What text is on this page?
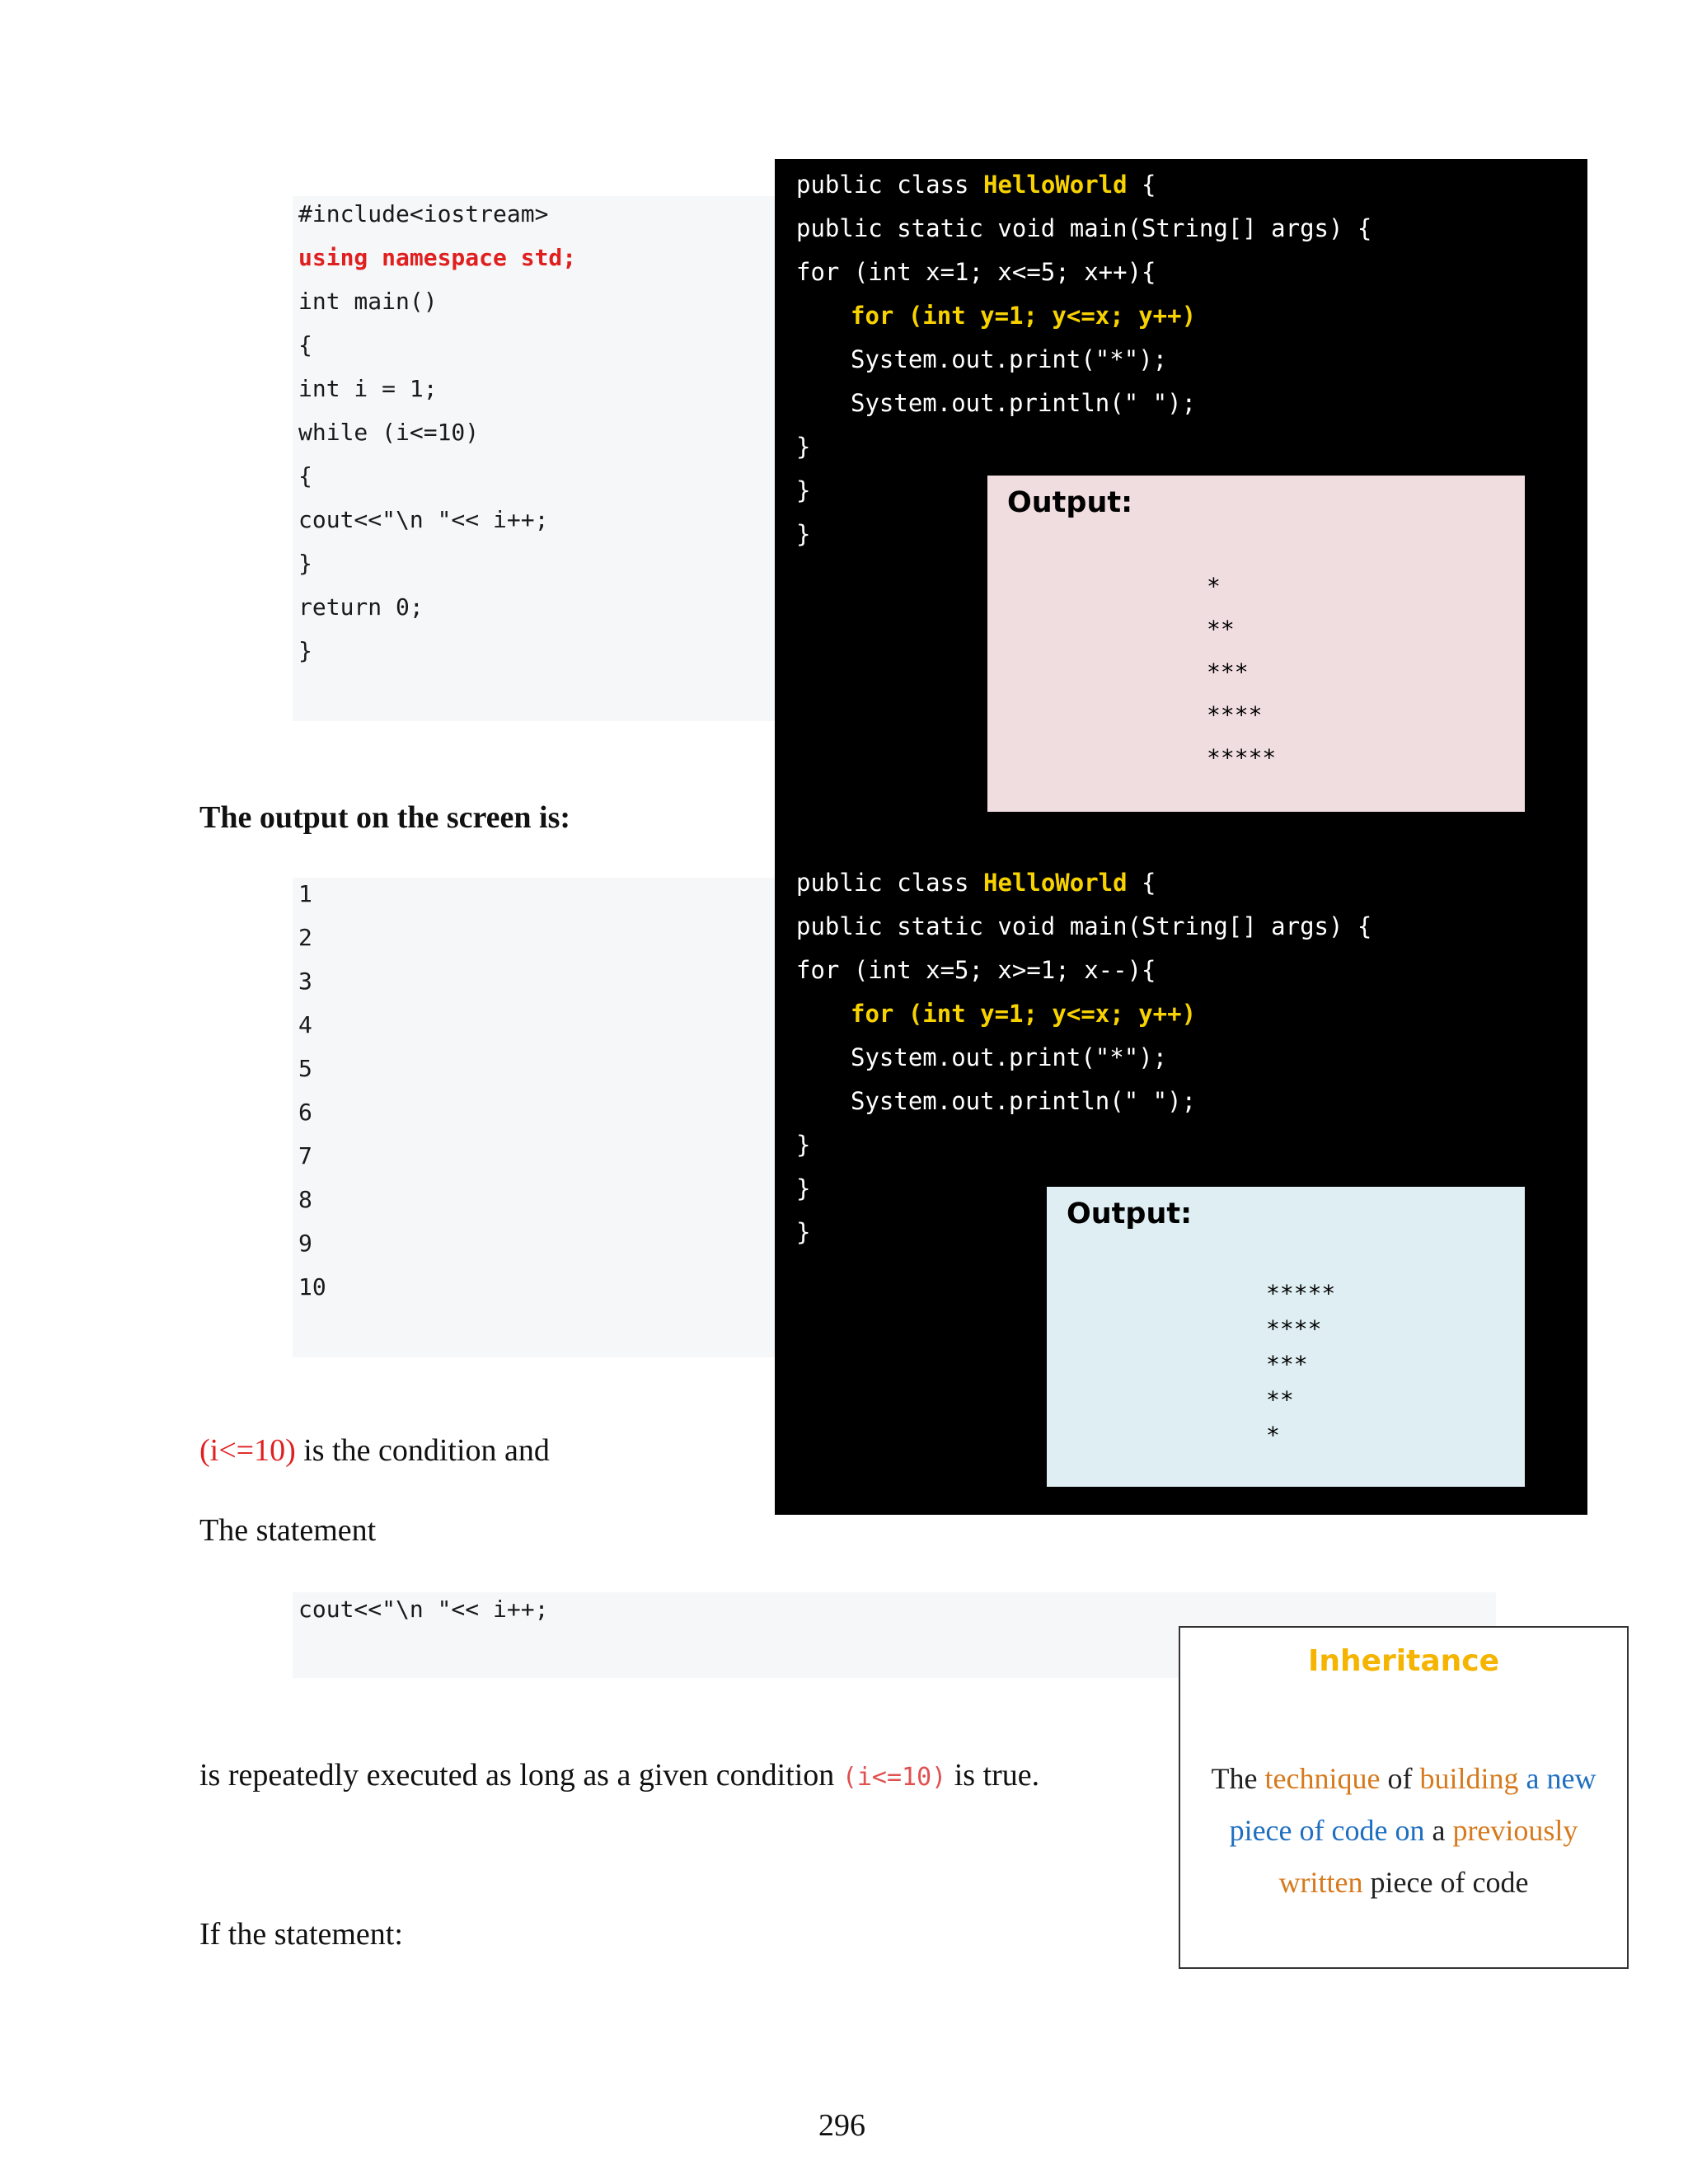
#include<iostream>
using namespace std;
int main()
{
int i = 1;
while (i<=10)
{
cout<<"\n "<< i++;
}
return 0;
}
The output on the screen is:
1
2
3
4
5
6
7
8
9
10
public class HelloWorld {
public static void main(String[] args) {
for (int x=1; x<=5; x++){
for (int y=1; y<=x; y++)
System.out.print("*");
System.out.println(" ");
}
}
}
Output:
*
**
***
****
*****
public class HelloWorld {
public static void main(String[] args) {
for (int x=5; x>=1; x--){
for (int y=1; y<=x; y++)
System.out.print("*");
System.out.println(" ");
}
}
}
Output:
*****
****
***
**
*
(i<=10) is the condition and
The statement
cout<<"\n "<< i++;
is repeatedly executed as long as a given condition (i<=10) is true.
If the statement:
Inheritance
The technique of building a new
piece of code on a previously
written piece of code
296
